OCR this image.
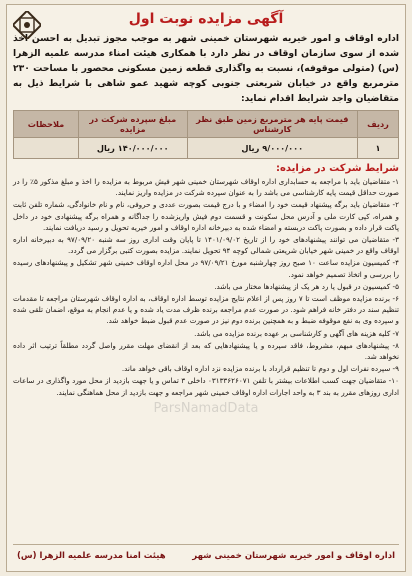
آگهی مزایده نوبت اول
اداره اوقاف و امور خیریه شهرستان خمینی شهر به موجب مجوز تبدیل به احسن اخذ شده از سوی سازمان اوقاف در نظر دارد با همکاری هیئت امناء مدرسه علمیه الزهرا (س) (متولی موقوفه)، نسبت به واگذاری قطعه زمین مسکونی محصور با مساحت ۲۳۰ مترمربع واقع در خیابان شریعتی جنوبی کوچه شهید عمو شاهی با شرایط ذیل به متقاضیان واجد شرایط اقدام نماید:
ردیف	قیمت پایه هر مترمربع زمین طبق نظر کارشناس	مبلغ سپرده شرکت در مزایده	ملاحظات
۱	۹/۰۰۰/۰۰۰ ریال	۱۴۰/۰۰۰/۰۰۰ ریال	
شرایط شرکت در مزایده:
۱- متقاضیان باید با مراجعه به حسابداری اداره اوقاف شهرستان خمینی شهر فیش مربوط به مزایده را اخذ و مبلغ مذکور ۵٪ را در صورت حداقل قیمت پایه کارشناسی می باشد را به عنوان سپرده شرکت در مزایده واریز نمایند.
۲- متقاضیان باید برگه پیشنهاد قیمت خود را امضاء و با درج قیمت بصورت عددی و حروفی، نام و نام خانوادگی، شماره تلفن ثابت و همراه، کپی کارت ملی و آدرس محل سکونت و قسمت دوم فیش واریزشده را جداگانه و همراه برگه پیشنهادی خود در داخل پاکت قرار داده و بصورت پاکت دربسته و امضاء شده به دبیرخانه اداره اوقاف و امور خیریه تحویل و رسید دریافت نمایند.
۳- متقاضیان می توانند پیشنهادهای خود را از تاریخ ۱۴۰۱/۰۹/۰۲ تا پایان وقت اداری روز سه شنبه ۹۷/۰۹/۲۰ به دبیرخانه اداره اوقاف واقع در خمینی شهر خیابان شریعتی شمالی کوچه ۹۴ تحویل نمایند. مزایده بصورت کتبی برگزار می گردد.
۴- کمیسیون مزایده ساعت ۱۰ صبح روز چهارشنبه مورخ ۹۷/۰۹/۲۱ در محل اداره اوقاف خمینی شهر تشکیل و پیشنهادهای رسیده را بررسی و اتخاذ تصمیم خواهد نمود.
۵- کمیسیون در قبول یا رد هر یک از پیشنهادها مختار می باشد.
۶- برنده مزایده موظف است تا ۷ روز پس از اعلام نتایج مزایده توسط اداره اوقاف، به اداره اوقاف شهرستان مراجعه تا مقدمات تنظیم سند در دفتر خانه فراهم شود. در صورت عدم مراجعه برنده ظرف مدت یاد شده و یا عدم انجام به موقع، اضمان تلقی شده و سپرده وی به نفع موقوفه ضبط و به همچنین برنده دوم نیز در صورت عدم قبول ضبط خواهد شد.
۷- کلیه هزینه های آگهی و کارشناسی بر عهده برنده مزایده می باشد.
۸- پیشنهادهای مبهم، مشروط، فاقد سپرده و یا پیشنهادهایی که بعد از انقضای مهلت مقرر واصل گردد مطلقاً ترتیب اثر داده نخواهد شد.
۹- سپرده نفرات اول و دوم تا تنظیم قرارداد با برنده مزایده نزد اداره اوقاف باقی خواهد ماند.
۱۰- متقاضیان جهت کسب اطلاعات بیشتر با تلفن ۰۳۱۳۳۶۲۶۰۷۱ داخلی ۳ تماس و یا جهت بازدید از محل مورد واگذاری در ساعات اداری روزهای مقرر به بند ۳ به واحد اجارات اداره اوقاف خمینی شهر مراجعه و جهت بازدید از محل هماهنگی نمایند.
ParsNamadData
اداره اوقاف و امور خیریه شهرستان خمینی شهر
هیئت امنا مدرسه علمیه الزهرا (س)
